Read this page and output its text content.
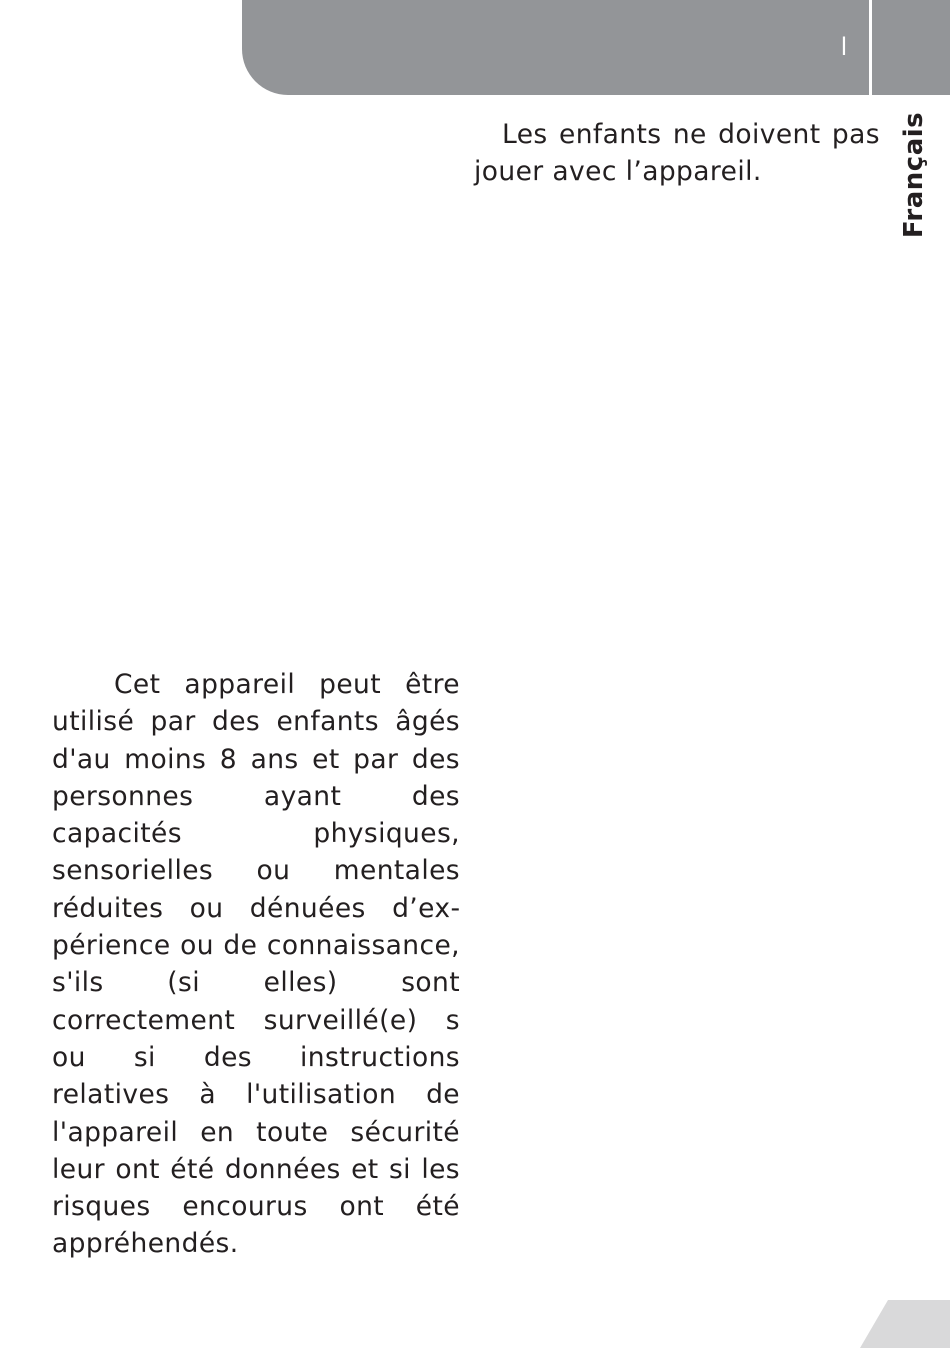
l
Français

Les enfants ne doivent pas jouer avec l’appareil.

Cet appareil peut être utilisé par des enfants âgés d'au moins 8 ans et par des personnes ayant des capacités physiques, sensorielles ou mentales réduites ou dénuées d’expérience ou de connaissance, s'ils (si elles) sont correctement surveillé(e) s ou si des instructions relatives à l'utilisation de l'appareil en toute sécurité leur ont été données et si les risques encourus ont été appréhendés.
